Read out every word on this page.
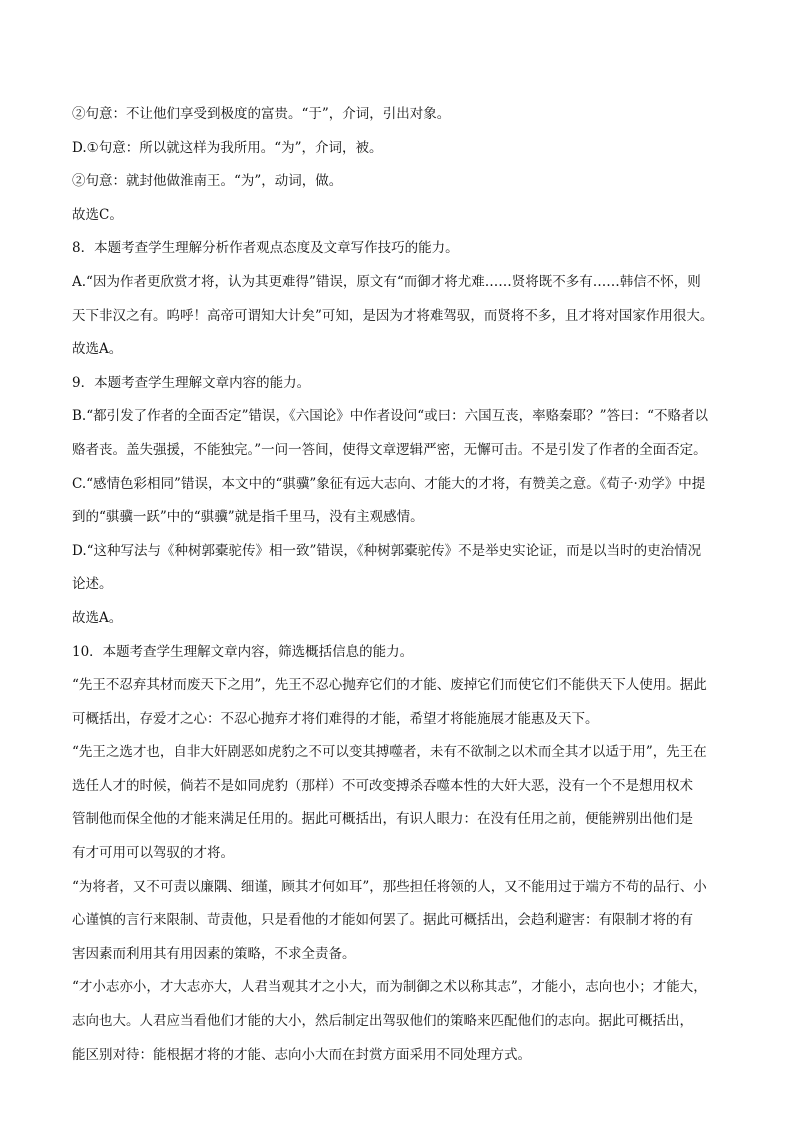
②句意：不让他们享受到极度的富贵。“于”，介词，引出对象。

D.①句意：所以就这样为我所用。“为”，介词，被。

②句意：就封他做淮南王。“为”，动词，做。

故选C。

8．本题考查学生理解分析作者观点态度及文章写作技巧的能力。

A.“因为作者更欣赏才将，认为其更难得”错误，原文有“而御才将尤难……贤将既不多有……韩信不怀，则

天下非汉之有。呜呼！高帝可谓知大计矣”可知，是因为才将难驾驭，而贤将不多，且才将对国家作用很大。

故选A。

9．本题考查学生理解文章内容的能力。

B.“都引发了作者的全面否定”错误，《六国论》中作者设问“或曰：六国互丧，率赂秦耶？”答曰：“不赂者以

赂者丧。盖失强援，不能独完。”一问一答间，使得文章逻辑严密，无懈可击。不是引发了作者的全面否定。

C.“感情色彩相同”错误，本文中的“骐骥”象征有远大志向、才能大的才将，有赞美之意。《荀子·劝学》中提

到的“骐骥一跃”中的“骐骥”就是指千里马，没有主观感情。

D.“这种写法与《种树郭橐驼传》相一致”错误，《种树郭橐驼传》不是举史实论证，而是以当时的吏治情况

论述。

故选A。

10．本题考查学生理解文章内容，筛选概括信息的能力。

“先王不忍弃其材而废天下之用”，先王不忍心抛弃它们的才能、废掉它们而使它们不能供天下人使用。据此

可概括出，存爱才之心：不忍心抛弃才将们难得的才能，希望才将能施展才能惠及天下。

“先王之选才也，自非大奸剧恶如虎豹之不可以变其搏噬者，未有不欲制之以术而全其才以适于用”，先王在

选任人才的时候，倘若不是如同虎豹（那样）不可改变搏杀吞噬本性的大奸大恶，没有一个不是想用权术

管制他而保全他的才能来满足任用的。据此可概括出，有识人眼力：在没有任用之前，便能辨别出他们是

有才可用可以驾驭的才将。

“为将者，又不可责以廉隅、细谨，顾其才何如耳”，那些担任将领的人，又不能用过于端方不苟的品行、小

心谨慎的言行来限制、苛责他，只是看他的才能如何罢了。据此可概括出，会趋利避害：有限制才将的有

害因素而利用其有用因素的策略，不求全责备。

“才小志亦小，才大志亦大，人君当观其才之小大，而为制御之术以称其志”，才能小，志向也小；才能大，

志向也大。人君应当看他们才能的大小，然后制定出驾驭他们的策略来匹配他们的志向。据此可概括出，

能区别对待：能根据才将的才能、志向小大而在封赏方面采用不同处理方式。
